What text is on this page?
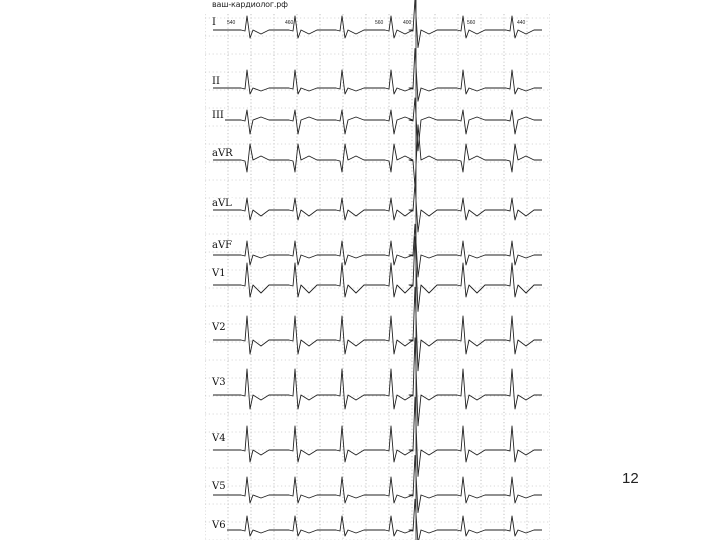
540	460	560	400	560	440
ваш-кардиолог.рф
I
II
III
aVR
aVL
aVF
V1
V2
V3
V4
V5
V6
12
